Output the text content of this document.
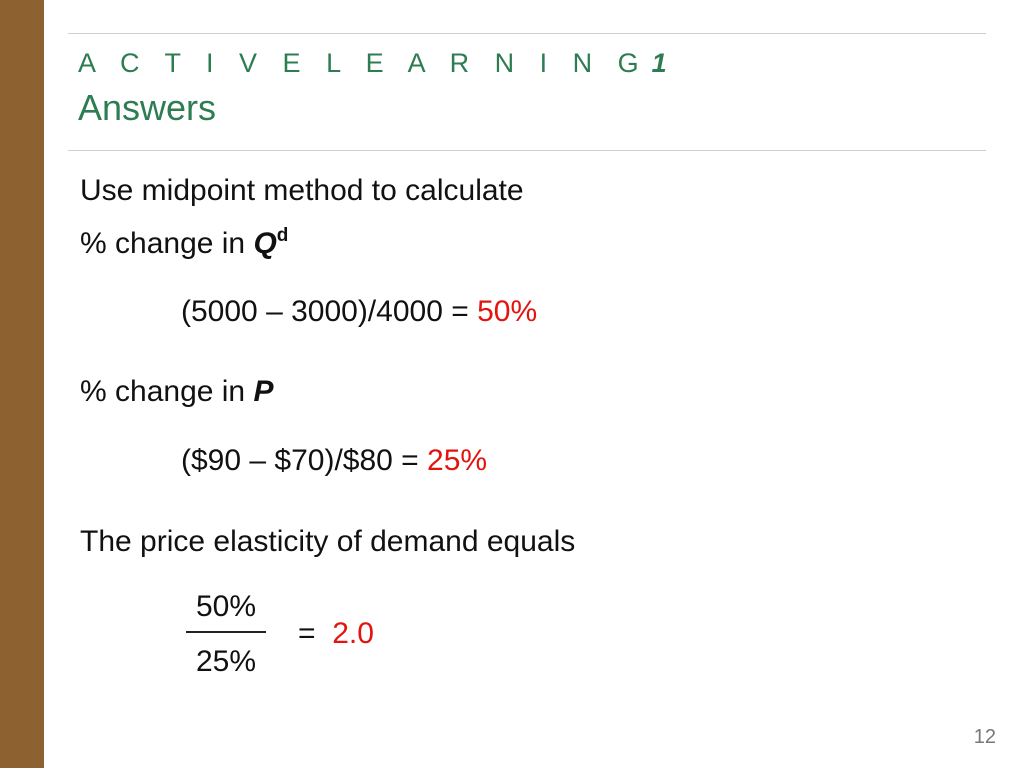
A C T I V E L E A R N I N G 1
Answers
Use midpoint method to calculate
% change in $Q^d$
(5000 – 3000)/4000 = 50%
% change in P
($90 – $70)/$80 = 25%
The price elasticity of demand equals
50%
25%
= 2.0
12
